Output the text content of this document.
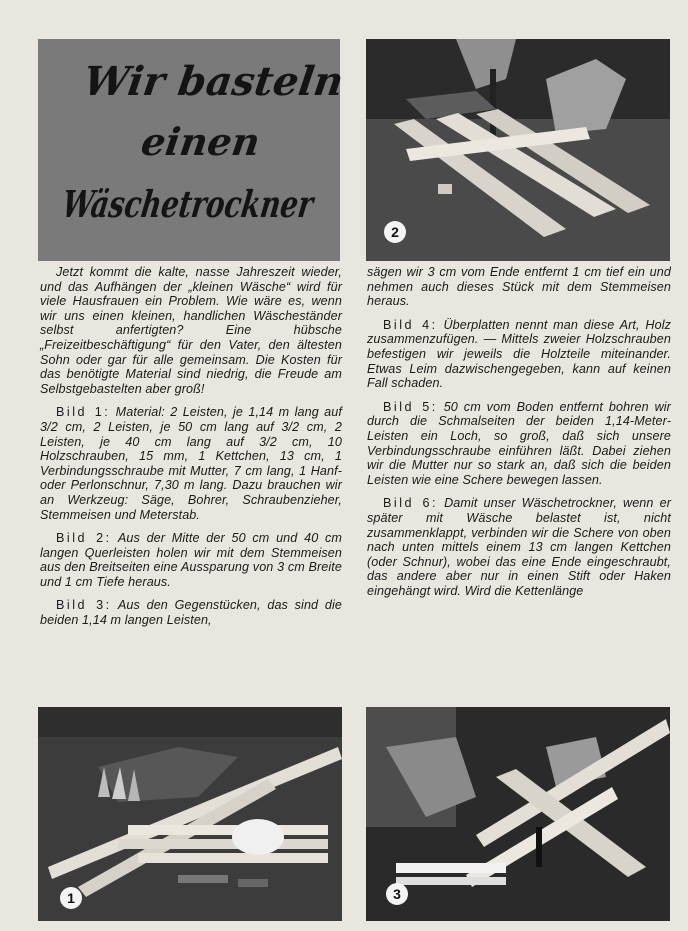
Wir basteln
einen
Wäschetrockner
2

Jetzt kommt die kalte, nasse Jahreszeit wieder, und das Aufhängen der „kleinen Wäsche“ wird für viele Hausfrauen ein Problem. Wie wäre es, wenn wir uns einen kleinen, handlichen Wäscheständer selbst anfertigten? Eine hübsche „Freizeitbeschäftigung“ für den Vater, den ältesten Sohn oder gar für alle gemeinsam. Die Kosten für das benötigte Material sind niedrig, die Freude am Selbstgebastelten aber groß!

Bild 1: Material: 2 Leisten, je 1,14 m lang auf 3/2 cm, 2 Leisten, je 50 cm lang auf 3/2 cm, 2 Leisten, je 40 cm lang auf 3/2 cm, 10 Holzschrauben, 15 mm, 1 Kettchen, 13 cm, 1 Verbindungsschraube mit Mutter, 7 cm lang, 1 Hanf- oder Perlonschnur, 7,30 m lang. Dazu brauchen wir an Werkzeug: Säge, Bohrer, Schraubenzieher, Stemmeisen und Meterstab.

Bild 2: Aus der Mitte der 50 cm und 40 cm langen Querleisten holen wir mit dem Stemmeisen aus den Breitseiten eine Aussparung von 3 cm Breite und 1 cm Tiefe heraus.

Bild 3: Aus den Gegenstücken, das sind die beiden 1,14 m langen Leisten,

sägen wir 3 cm vom Ende entfernt 1 cm tief ein und nehmen auch dieses Stück mit dem Stemmeisen heraus.

Bild 4: Überplatten nennt man diese Art, Holz zusammenzufügen. — Mittels zweier Holzschrauben befestigen wir jeweils die Holzteile miteinander. Etwas Leim dazwischengegeben, kann auf keinen Fall schaden.

Bild 5: 50 cm vom Boden entfernt bohren wir durch die Schmalseiten der beiden 1,14-Meter-Leisten ein Loch, so groß, daß sich unsere Verbindungsschraube einführen läßt. Dabei ziehen wir die Mutter nur so stark an, daß sich die beiden Leisten wie eine Schere bewegen lassen.

Bild 6: Damit unser Wäschetrockner, wenn er später mit Wäsche belastet ist, nicht zusammenklappt, verbinden wir die Schere von oben nach unten mittels einem 13 cm langen Kettchen (oder Schnur), wobei das eine Ende eingeschraubt, das andere aber nur in einen Stift oder Haken eingehängt wird. Wird die Kettenlänge

1	3
